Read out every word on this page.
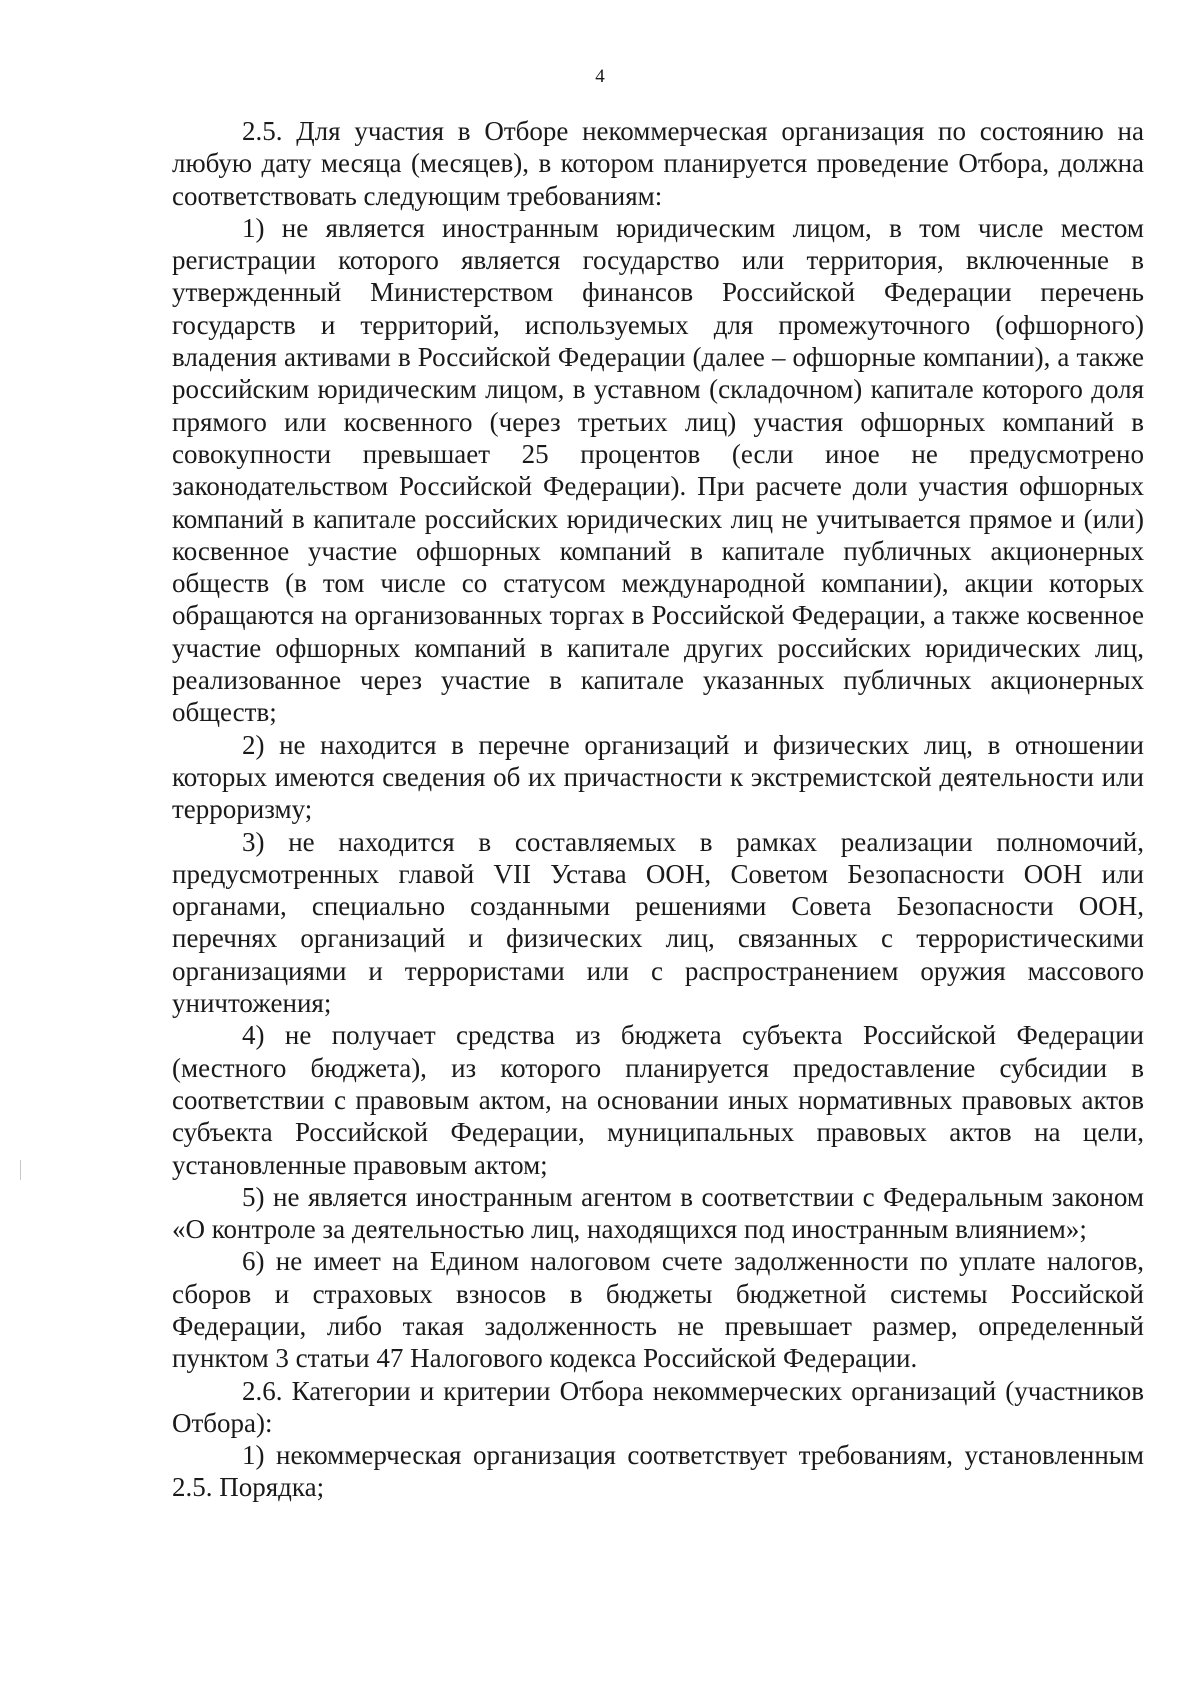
4

2.5. Для участия в Отборе некоммерческая организация по состоянию на любую дату месяца (месяцев), в котором планируется проведение Отбора, должна соответствовать следующим требованиям:

1) не является иностранным юридическим лицом, в том числе местом регистрации которого является государство или территория, включенные в утвержденный Министерством финансов Российской Федерации перечень государств и территорий, используемых для промежуточного (офшорного) владения активами в Российской Федерации (далее – офшорные компании), а также российским юридическим лицом, в уставном (складочном) капитале которого доля прямого или косвенного (через третьих лиц) участия офшорных компаний в совокупности превышает 25 процентов (если иное не предусмотрено законодательством Российской Федерации). При расчете доли участия офшорных компаний в капитале российских юридических лиц не учитывается прямое и (или) косвенное участие офшорных компаний в капитале публичных акционерных обществ (в том числе со статусом международной компании), акции которых обращаются на организованных торгах в Российской Федерации, а также косвенное участие офшорных компаний в капитале других российских юридических лиц, реализованное через участие в капитале указанных публичных акционерных обществ;

2) не находится в перечне организаций и физических лиц, в отношении которых имеются сведения об их причастности к экстремистской деятельности или терроризму;

3) не находится в составляемых в рамках реализации полномочий, предусмотренных главой VII Устава ООН, Советом Безопасности ООН или органами, специально созданными решениями Совета Безопасности ООН, перечнях организаций и физических лиц, связанных с террористическими организациями и террористами или с распространением оружия массового уничтожения;

4) не получает средства из бюджета субъекта Российской Федерации (местного бюджета), из которого планируется предоставление субсидии в соответствии с правовым актом, на основании иных нормативных правовых актов субъекта Российской Федерации, муниципальных правовых актов на цели, установленные правовым актом;

5) не является иностранным агентом в соответствии с Федеральным законом «О контроле за деятельностью лиц, находящихся под иностранным влиянием»;

6) не имеет на Едином налоговом счете задолженности по уплате налогов, сборов и страховых взносов в бюджеты бюджетной системы Российской Федерации, либо такая задолженность не превышает размер, определенный пунктом 3 статьи 47 Налогового кодекса Российской Федерации.

2.6. Категории и критерии Отбора некоммерческих организаций (участников Отбора):

1) некоммерческая организация соответствует требованиям, установленным 2.5. Порядка;
